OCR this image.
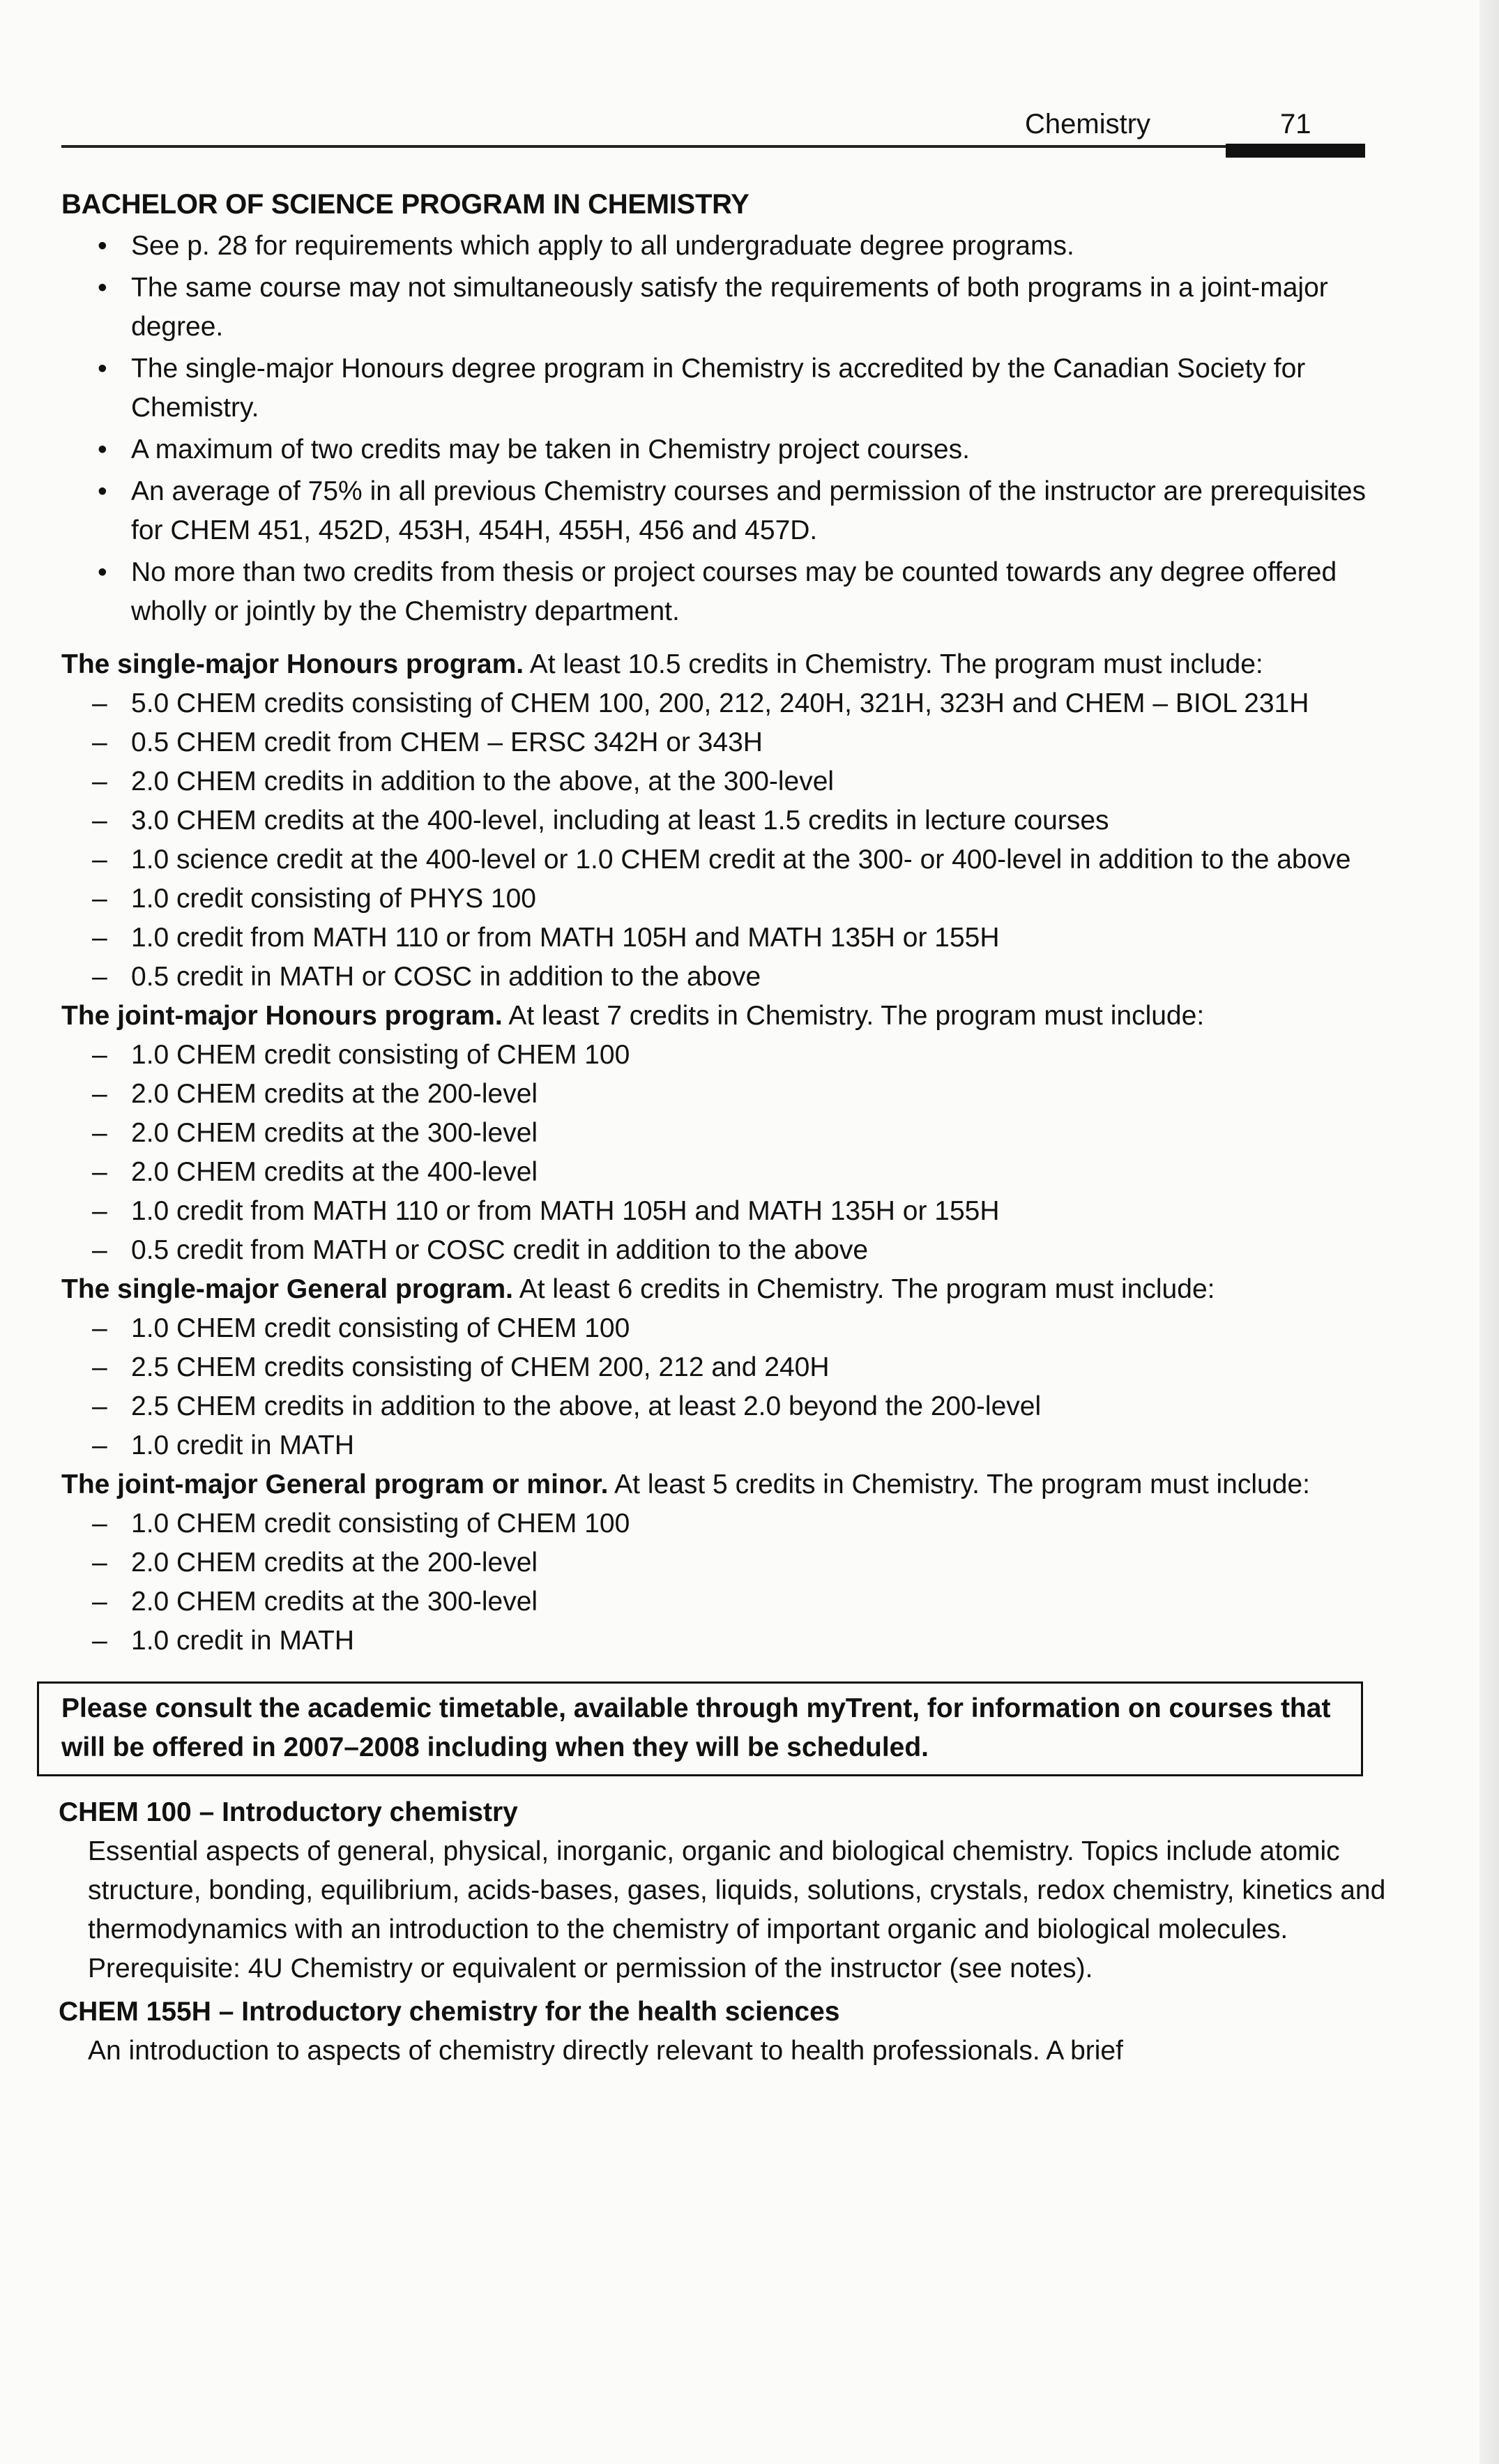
Chemistry	71
BACHELOR OF SCIENCE PROGRAM IN CHEMISTRY
• See p. 28 for requirements which apply to all undergraduate degree programs.
• The same course may not simultaneously satisfy the requirements of both programs in a joint-major degree.
• The single-major Honours degree program in Chemistry is accredited by the Canadian Society for Chemistry.
• A maximum of two credits may be taken in Chemistry project courses.
• An average of 75% in all previous Chemistry courses and permission of the instructor are prerequisites for CHEM 451, 452D, 453H, 454H, 455H, 456 and 457D.
• No more than two credits from thesis or project courses may be counted towards any degree offered wholly or jointly by the Chemistry department.

The single-major Honours program. At least 10.5 credits in Chemistry. The program must include:

– 5.0 CHEM credits consisting of CHEM 100, 200, 212, 240H, 321H, 323H and CHEM – BIOL 231H
– 0.5 CHEM credit from CHEM – ERSC 342H or 343H
– 2.0 CHEM credits in addition to the above, at the 300-level
– 3.0 CHEM credits at the 400-level, including at least 1.5 credits in lecture courses
– 1.0 science credit at the 400-level or 1.0 CHEM credit at the 300- or 400-level in addition to the above
– 1.0 credit consisting of PHYS 100
– 1.0 credit from MATH 110 or from MATH 105H and MATH 135H or 155H
– 0.5 credit in MATH or COSC in addition to the above

The joint-major Honours program. At least 7 credits in Chemistry. The program must include:

– 1.0 CHEM credit consisting of CHEM 100
– 2.0 CHEM credits at the 200-level
– 2.0 CHEM credits at the 300-level
– 2.0 CHEM credits at the 400-level
– 1.0 credit from MATH 110 or from MATH 105H and MATH 135H or 155H
– 0.5 credit from MATH or COSC credit in addition to the above

The single-major General program. At least 6 credits in Chemistry. The program must include:

– 1.0 CHEM credit consisting of CHEM 100
– 2.5 CHEM credits consisting of CHEM 200, 212 and 240H
– 2.5 CHEM credits in addition to the above, at least 2.0 beyond the 200-level
– 1.0 credit in MATH

The joint-major General program or minor. At least 5 credits in Chemistry. The program must include:

– 1.0 CHEM credit consisting of CHEM 100
– 2.0 CHEM credits at the 200-level
– 2.0 CHEM credits at the 300-level
– 1.0 credit in MATH
Please consult the academic timetable, available through myTrent, for information on courses that will be offered in 2007–2008 including when they will be scheduled.
CHEM 100 – Introductory chemistry
Essential aspects of general, physical, inorganic, organic and biological chemistry. Topics include atomic structure, bonding, equilibrium, acids-bases, gases, liquids, solutions, crystals, redox chemistry, kinetics and thermodynamics with an introduction to the chemistry of important organic and biological molecules. Prerequisite: 4U Chemistry or equivalent or permission of the instructor (see notes).
CHEM 155H – Introductory chemistry for the health sciences
An introduction to aspects of chemistry directly relevant to health professionals. A brief
